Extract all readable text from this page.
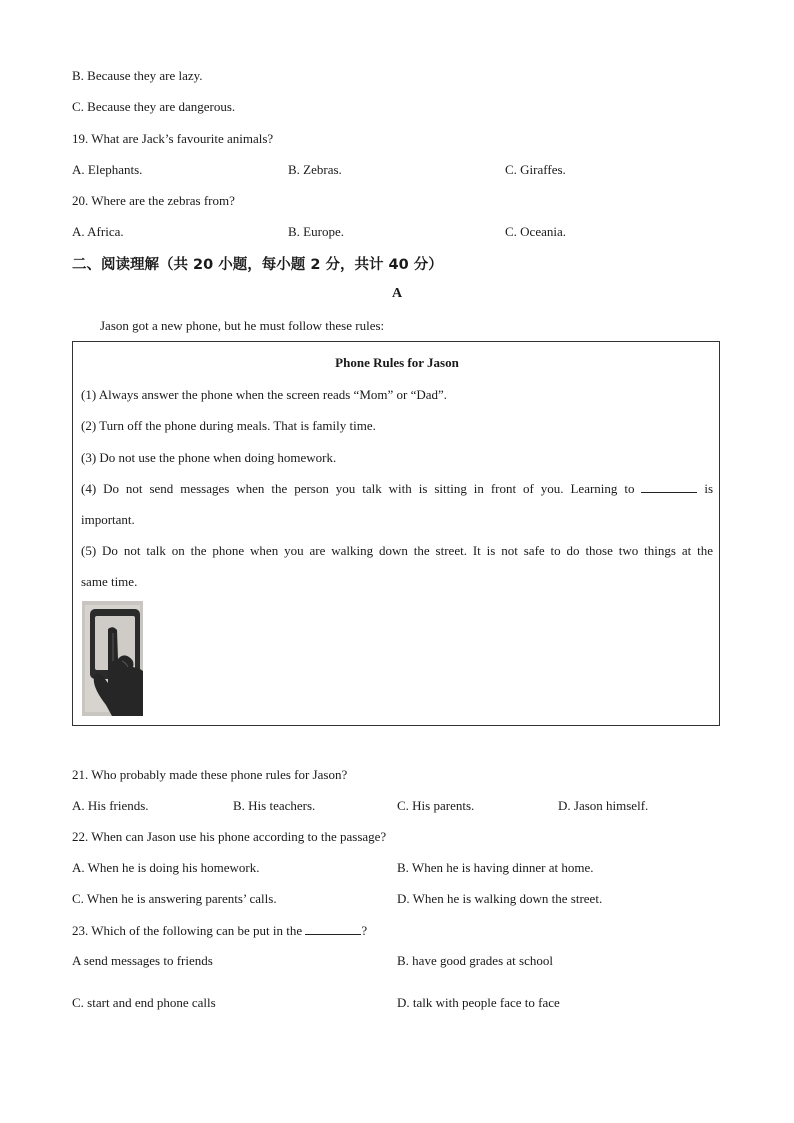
B. Because they are lazy.
C. Because they are dangerous.
19. What are Jack’s favourite animals?
A. Elephants.	B. Zebras.	C. Giraffes.
20. Where are the zebras from?
A. Africa.	B. Europe.	C. Oceania.
二、阅读理解（共 20 小题，每小题 2 分，共计 40 分）
A
Jason got a new phone, but he must follow these rules:
Phone Rules for Jason
(1) Always answer the phone when the screen reads “Mom” or “Dad”.
(2) Turn off the phone during meals. That is family time.
(3) Do not use the phone when doing homework.
(4) Do not send messages when the person you talk with is sitting in front of you. Learning to	is
important.
(5) Do not talk on the phone when you are walking down the street. It is not safe to do those two things at the
same time.
21. Who probably made these phone rules for Jason?
A. His friends.	B. His teachers.	C. His parents.	D. Jason himself.
22. When can Jason use his phone according to the passage?
A. When he is doing his homework.	B. When he is having dinner at home.
C. When he is answering parents’ calls.	D. When he is walking down the street.
23. Which of the following can be put in the	?
A send messages to friends	B. have good grades at school
C. start and end phone calls	D. talk with people face to face
